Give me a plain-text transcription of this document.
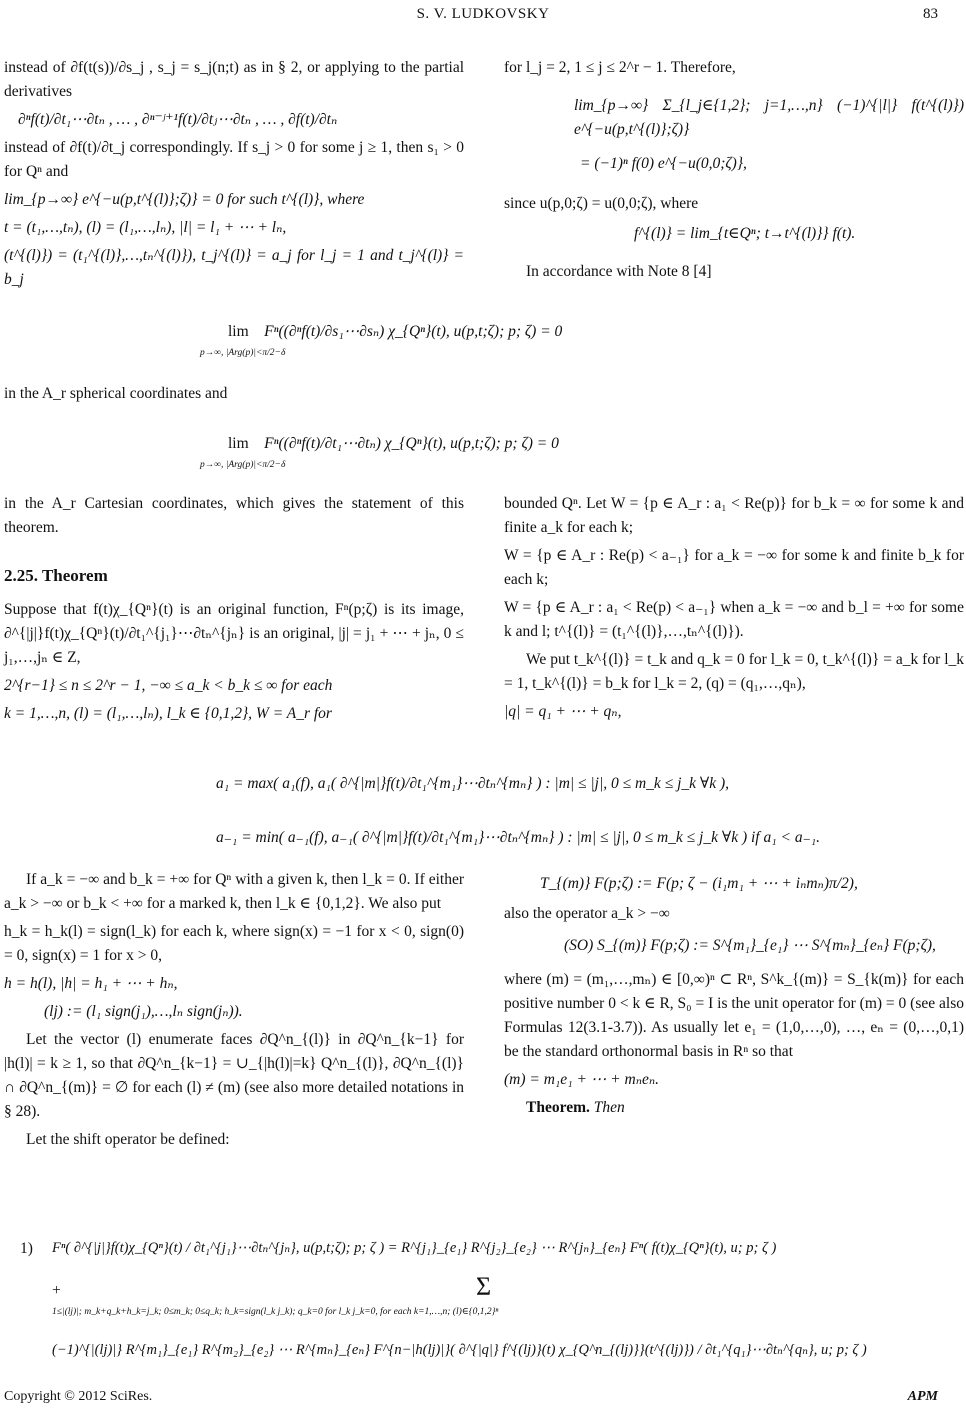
S. V. LUDKOVSKY	83

instead of ∂f(t(s))/∂s_j , s_j = s_j(n;t) as in § 2, or applying to the partial derivatives

∂ⁿf(t)/∂t₁⋯∂tₙ , … , ∂ⁿ⁻ʲ⁺¹f(t)/∂tⱼ⋯∂tₙ , … , ∂f(t)/∂tₙ

instead of ∂f(t)/∂t_j correspondingly. If s_j > 0 for some j ≥ 1, then s₁ > 0 for Qⁿ and

lim_{p→∞} e^{−u(p,t^{(l)};ζ)} = 0 for such t^{(l)}, where

t = (t₁,…,tₙ), (l) = (l₁,…,lₙ), |l| = l₁ + ⋯ + lₙ,

(t^{(l)}) = (t₁^{(l)},…,tₙ^{(l)}), t_j^{(l)} = a_j for l_j = 1 and t_j^{(l)} = b_j

for l_j = 2, 1 ≤ j ≤ 2^r − 1. Therefore,

lim_{p→∞} Σ_{l_j∈{1,2}; j=1,…,n} (−1)^{|l|} f(t^{(l)}) e^{−u(p,t^{(l)};ζ)}

= (−1)ⁿ f(0) e^{−u(0,0;ζ)},

since u(p,0;ζ) = u(0,0;ζ), where

f^{(l)} = lim_{t∈Qⁿ; t→t^{(l)}} f(t).

In accordance with Note 8 [4]

lim Fⁿ((∂ⁿf(t)/∂s₁⋯∂sₙ) χ_{Qⁿ}(t), u(p,t;ζ); p; ζ) = 0
p→∞, |Arg(p)|<π/2−δ
in the A_r spherical coordinates and
lim Fⁿ((∂ⁿf(t)/∂t₁⋯∂tₙ) χ_{Qⁿ}(t), u(p,t;ζ); p; ζ) = 0
p→∞, |Arg(p)|<π/2−δ

in the A_r Cartesian coordinates, which gives the statement of this theorem.

2.25. Theorem

Suppose that f(t)χ_{Qⁿ}(t) is an original function, Fⁿ(p;ζ) is its image, ∂^{|j|}f(t)χ_{Qⁿ}(t)/∂t₁^{j₁}⋯∂tₙ^{jₙ} is an original, |j| = j₁ + ⋯ + jₙ, 0 ≤ j₁,…,jₙ ∈ Z,

2^{r−1} ≤ n ≤ 2^r − 1, −∞ ≤ a_k < b_k ≤ ∞ for each

k = 1,…,n, (l) = (l₁,…,lₙ), l_k ∈ {0,1,2}, W = A_r for

bounded Qⁿ. Let W = {p ∈ A_r : a₁ < Re(p)} for b_k = ∞ for some k and finite a_k for each k;

W = {p ∈ A_r : Re(p) < a₋₁} for a_k = −∞ for some k and finite b_k for each k;

W = {p ∈ A_r : a₁ < Re(p) < a₋₁} when a_k = −∞ and b_l = +∞ for some k and l; t^{(l)} = (t₁^{(l)},…,tₙ^{(l)}).

We put t_k^{(l)} = t_k and q_k = 0 for l_k = 0, t_k^{(l)} = a_k for l_k = 1, t_k^{(l)} = b_k for l_k = 2, (q) = (q₁,…,qₙ),

|q| = q₁ + ⋯ + qₙ,

a₁ = max( a₁(f), a₁( ∂^{|m|}f(t)/∂t₁^{m₁}⋯∂tₙ^{mₙ} ) : |m| ≤ |j|, 0 ≤ m_k ≤ j_k ∀k ),
a₋₁ = min( a₋₁(f), a₋₁( ∂^{|m|}f(t)/∂t₁^{m₁}⋯∂tₙ^{mₙ} ) : |m| ≤ |j|, 0 ≤ m_k ≤ j_k ∀k ) if a₁ < a₋₁.

If a_k = −∞ and b_k = +∞ for Qⁿ with a given k, then l_k = 0. If either a_k > −∞ or b_k < +∞ for a marked k, then l_k ∈ {0,1,2}. We also put

h_k = h_k(l) = sign(l_k) for each k, where sign(x) = −1 for x < 0, sign(0) = 0, sign(x) = 1 for x > 0,

h = h(l), |h| = h₁ + ⋯ + hₙ,

(lj) := (l₁ sign(j₁),…,lₙ sign(jₙ)).

Let the vector (l) enumerate faces ∂Q^n_{(l)} in ∂Q^n_{k−1} for |h(l)| = k ≥ 1, so that ∂Q^n_{k−1} = ∪_{|h(l)|=k} Q^n_{(l)}, ∂Q^n_{(l)} ∩ ∂Q^n_{(m)} = ∅ for each (l) ≠ (m) (see also more detailed notations in § 28).

Let the shift operator be defined:

T_{(m)} F(p;ζ) := F(p; ζ − (i₁m₁ + ⋯ + iₙmₙ)π/2),

also the operator a_k > −∞

(SO) S_{(m)} F(p;ζ) := S^{m₁}_{e₁} ⋯ S^{mₙ}_{eₙ} F(p;ζ),

where (m) = (m₁,…,mₙ) ∈ [0,∞)ⁿ ⊂ Rⁿ, S^k_{(m)} = S_{k(m)} for each positive number 0 < k ∈ R, S₀ = I is the unit operator for (m) = 0 (see also Formulas 12(3.1-3.7)). As usually let e₁ = (1,0,…,0), …, eₙ = (0,…,0,1) be the standard orthonormal basis in Rⁿ so that

(m) = m₁e₁ + ⋯ + mₙeₙ.

Theorem. Then

1) Fⁿ( ∂^{|j|}f(t)χ_{Qⁿ}(t) / ∂t₁^{j₁}⋯∂tₙ^{jₙ}, u(p,t;ζ); p; ζ ) = R^{j₁}_{e₁} R^{j₂}_{e₂} ⋯ R^{jₙ}_{eₙ} Fⁿ( f(t)χ_{Qⁿ}(t), u; p; ζ )
+	Σ
1≤|(lj)|; m_k+q_k+h_k=j_k; 0≤m_k; 0≤q_k; h_k=sign(l_k j_k); q_k=0 for l_k j_k=0, for each k=1,…,n; (l)∈{0,1,2}ⁿ
(−1)^{|(lj)|} R^{m₁}_{e₁} R^{m₂}_{e₂} ⋯ R^{mₙ}_{eₙ} F^{n−|h(lj)|}( ∂^{|q|} f^{(lj)}(t) χ_{Q^n_{(lj)}}(t^{(lj)}) / ∂t₁^{q₁}⋯∂tₙ^{qₙ}, u; p; ζ )
Copyright © 2012 SciRes.	APM
